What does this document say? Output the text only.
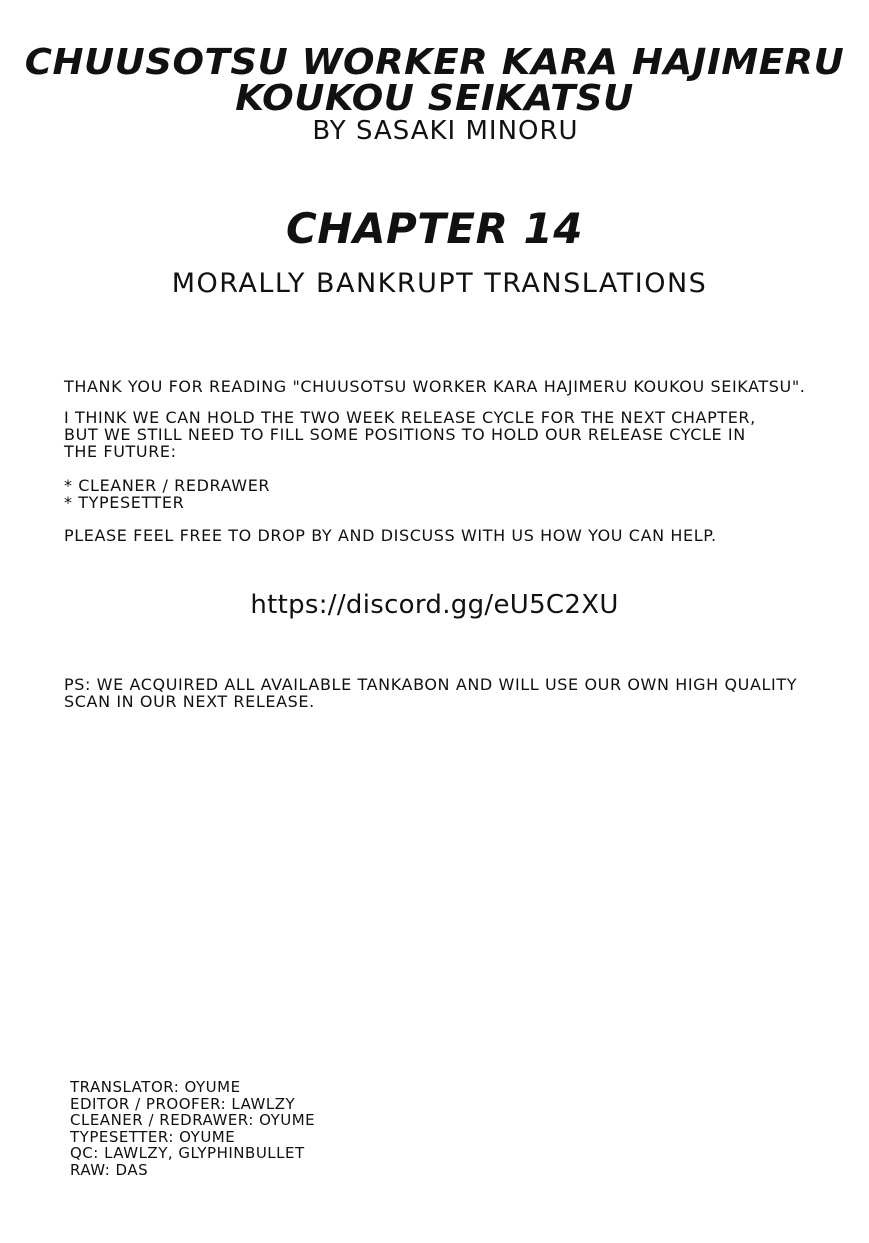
CHUUSOTSU WORKER KARA HAJIMERU
KOUKOU SEIKATSU
BY SASAKI MINORU
CHAPTER 14
MORALLY BANKRUPT TRANSLATIONS
THANK YOU FOR READING "CHUUSOTSU WORKER KARA HAJIMERU KOUKOU SEIKATSU".
I THINK WE CAN HOLD THE TWO WEEK RELEASE CYCLE FOR THE NEXT CHAPTER,
BUT WE STILL NEED TO FILL SOME POSITIONS TO HOLD OUR RELEASE CYCLE IN
THE FUTURE:
* CLEANER / REDRAWER
* TYPESETTER
PLEASE FEEL FREE TO DROP BY AND DISCUSS WITH US HOW YOU CAN HELP.
https://discord.gg/eU5C2XU
PS: WE ACQUIRED ALL AVAILABLE TANKABON AND WILL USE OUR OWN HIGH QUALITY
SCAN IN OUR NEXT RELEASE.
TRANSLATOR: OYUME
EDITOR / PROOFER: LAWLZY
CLEANER / REDRAWER: OYUME
TYPESETTER: OYUME
QC: LAWLZY, GLYPHINBULLET
RAW: DAS
